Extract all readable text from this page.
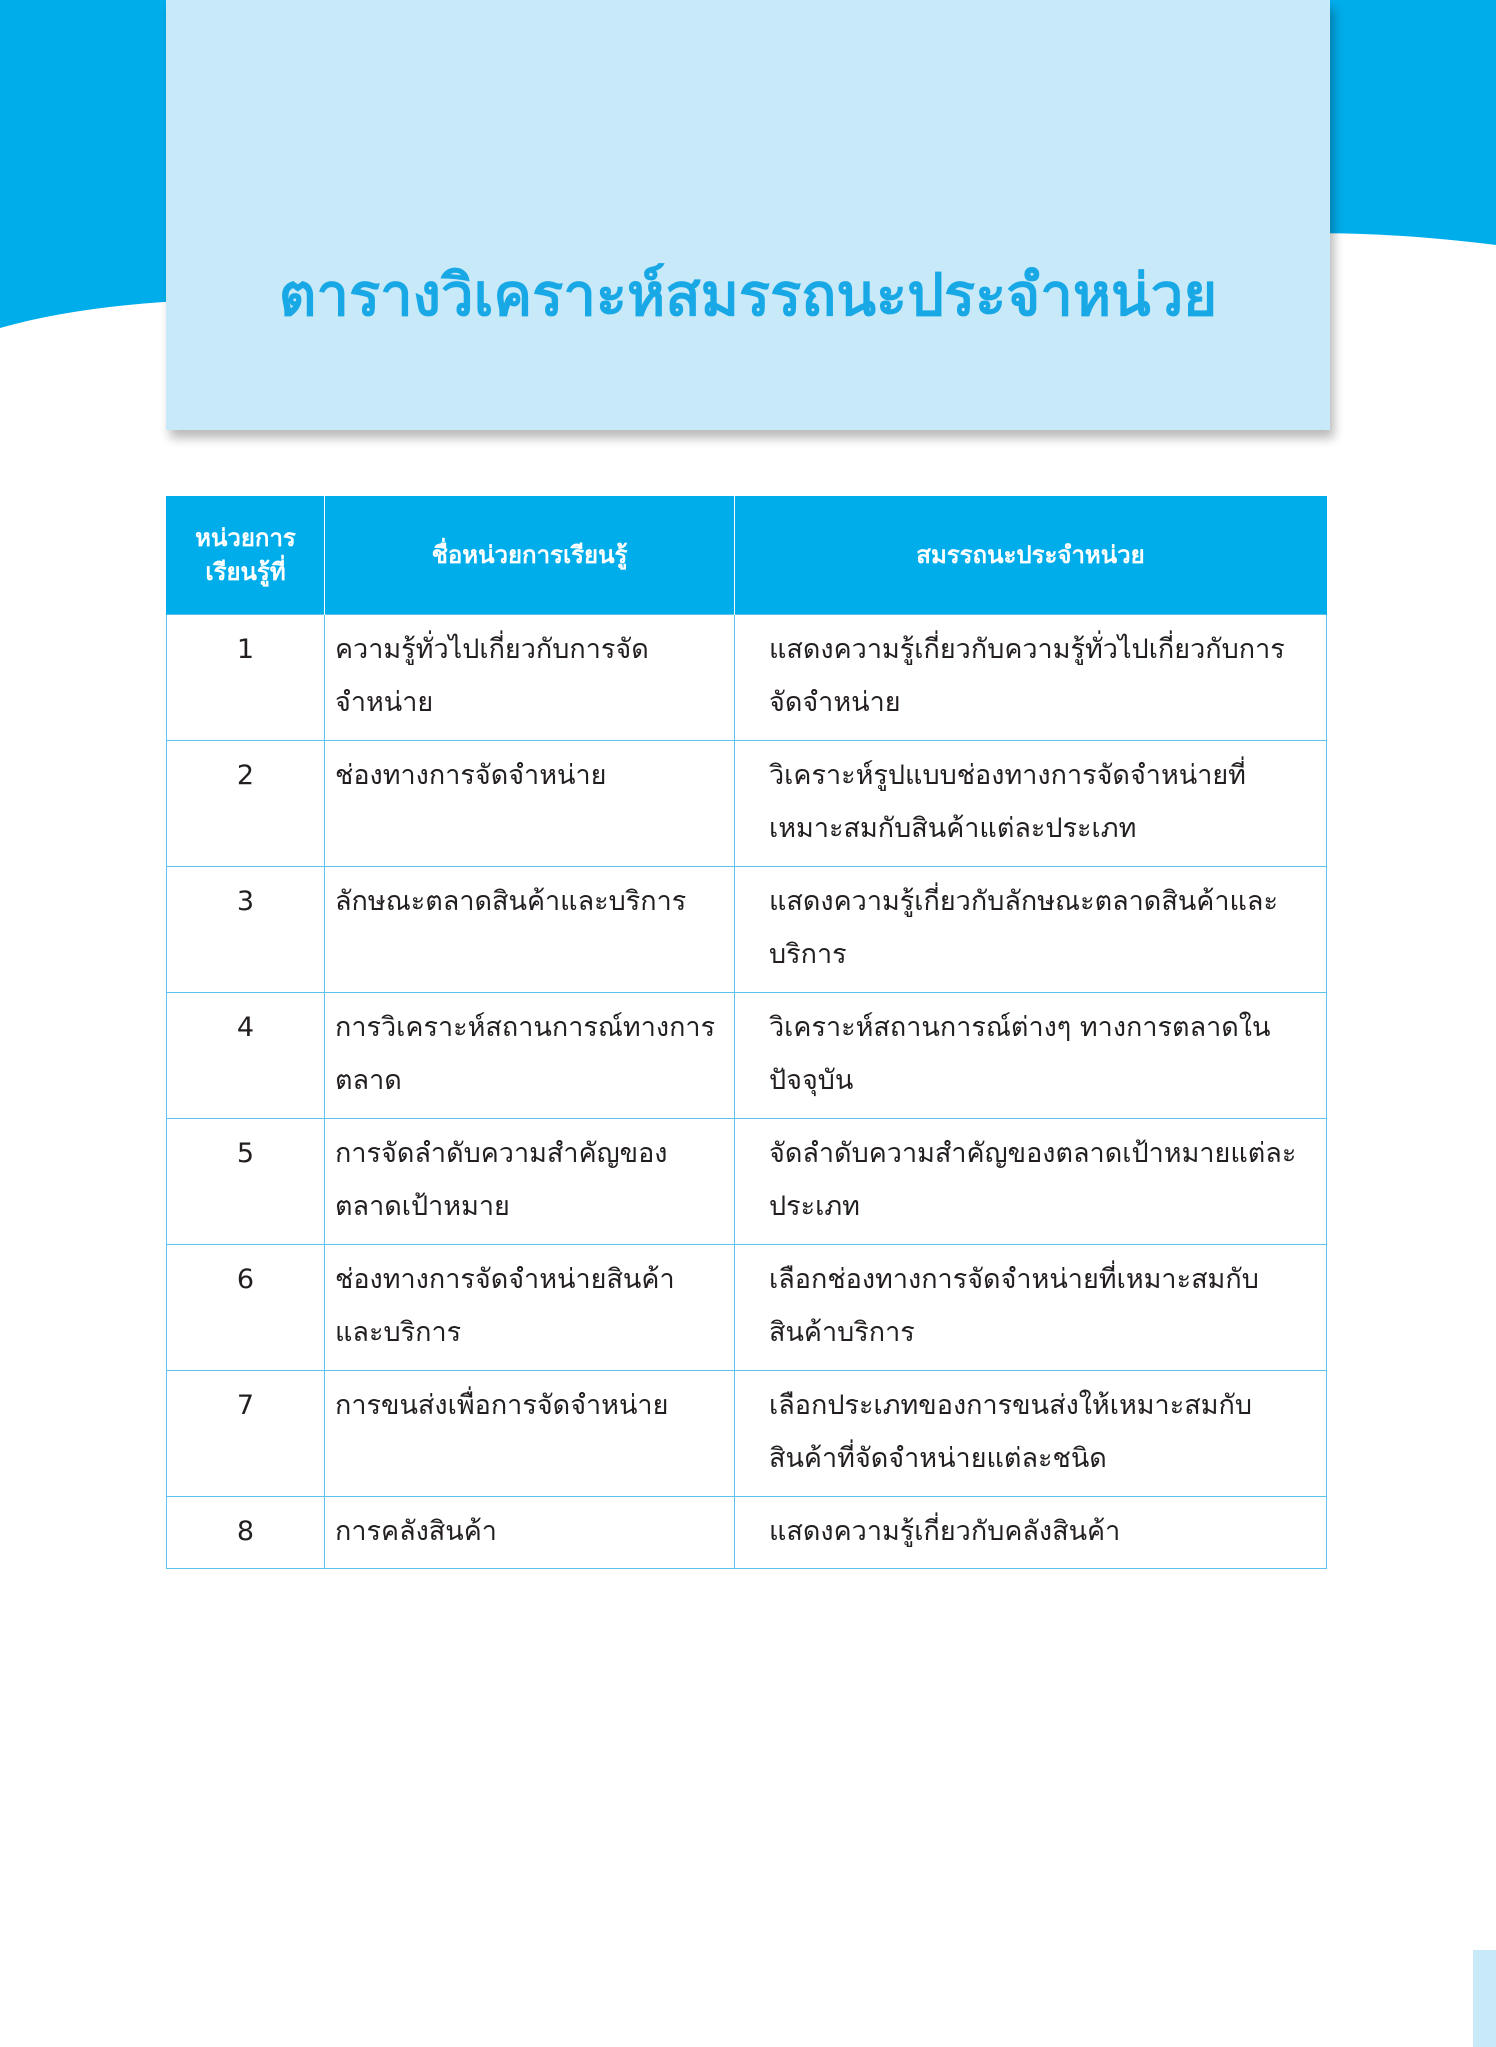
ตารางวิเคราะห์สมรรถนะประจำหน่วย
หน่วยการเรียนรู้ที่	ชื่อหน่วยการเรียนรู้	สมรรถนะประจำหน่วย
1	ความรู้ทั่วไปเกี่ยวกับการจัดจำหน่าย	แสดงความรู้เกี่ยวกับความรู้ทั่วไปเกี่ยวกับการจัดจำหน่าย
2	ช่องทางการจัดจำหน่าย	วิเคราะห์รูปแบบช่องทางการจัดจำหน่ายที่เหมาะสมกับสินค้าแต่ละประเภท
3	ลักษณะตลาดสินค้าและบริการ	แสดงความรู้เกี่ยวกับลักษณะตลาดสินค้าและบริการ
4	การวิเคราะห์สถานการณ์ทางการตลาด	วิเคราะห์สถานการณ์ต่างๆ ทางการตลาดในปัจจุบัน
5	การจัดลำดับความสำคัญของตลาดเป้าหมาย	จัดลำดับความสำคัญของตลาดเป้าหมายแต่ละประเภท
6	ช่องทางการจัดจำหน่ายสินค้าและบริการ	เลือกช่องทางการจัดจำหน่ายที่เหมาะสมกับสินค้าบริการ
7	การขนส่งเพื่อการจัดจำหน่าย	เลือกประเภทของการขนส่งให้เหมาะสมกับสินค้าที่จัดจำหน่ายแต่ละชนิด
8	การคลังสินค้า	แสดงความรู้เกี่ยวกับคลังสินค้า
